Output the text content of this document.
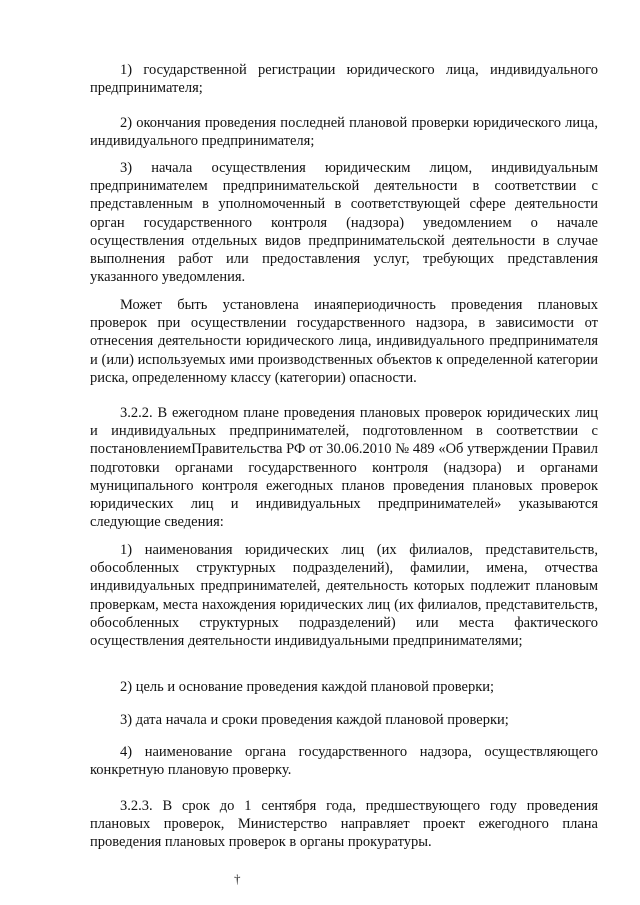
1) государственной регистрации юридического лица, индивидуального предпринимателя;

2) окончания проведения последней плановой проверки юридического лица, индивидуального предпринимателя;

3) начала осуществления юридическим лицом, индивидуальным предпринимателем предпринимательской деятельности в соответствии с представленным в уполномоченный в соответствующей сфере деятельности орган государственного контроля (надзора) уведомлением о начале осуществления отдельных видов предпринимательской деятельности в случае выполнения работ или предоставления услуг, требующих представления указанного уведомления.

Может быть установлена инаяпериодичность проведения плановых проверок при осуществлении государственного надзора, в зависимости от отнесения деятельности юридического лица, индивидуального предпринимателя и (или) используемых ими производственных объектов к определенной категории риска, определенному классу (категории) опасности.

3.2.2. В ежегодном плане проведения плановых проверок юридических лиц и индивидуальных предпринимателей, подготовленном в соответствии с постановлениемПравительства РФ от 30.06.2010 № 489 «Об утверждении Правил подготовки органами государственного контроля (надзора) и органами муниципального контроля ежегодных планов проведения плановых проверок юридических лиц и индивидуальных предпринимателей» указываются следующие сведения:

1) наименования юридических лиц (их филиалов, представительств, обособленных структурных подразделений), фамилии, имена, отчества индивидуальных предпринимателей, деятельность которых подлежит плановым проверкам, места нахождения юридических лиц (их филиалов, представительств, обособленных структурных подразделений) или места фактического осуществления деятельности индивидуальными предпринимателями;

2) цель и основание проведения каждой плановой проверки;

3) дата начала и сроки проведения каждой плановой проверки;

4) наименование органа государственного надзора, осуществляющего конкретную плановую проверку.

3.2.3. В срок до 1 сентября года, предшествующего году проведения плановых проверок, Министерство направляет проект ежегодного плана проведения плановых проверок в органы прокуратуры.

†
